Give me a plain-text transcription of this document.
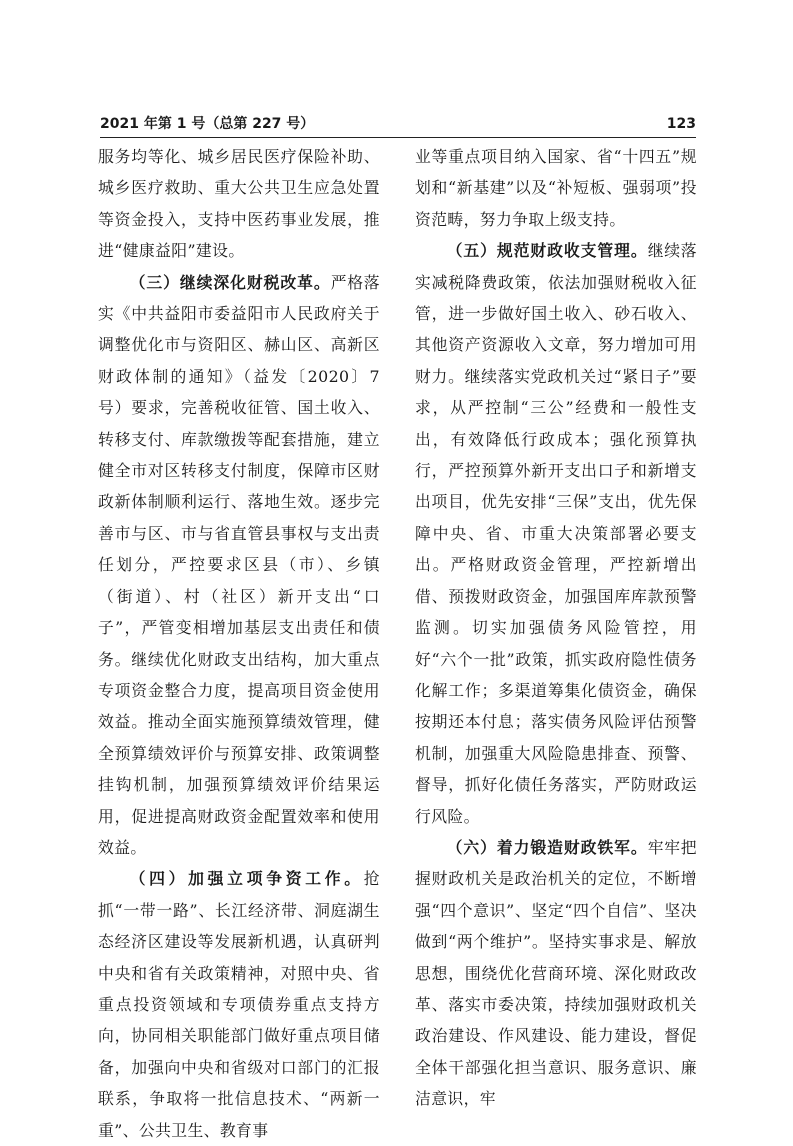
2021 年第 1 号（总第 227 号）	123

服务均等化、城乡居民医疗保险补助、城乡医疗救助、重大公共卫生应急处置等资金投入，支持中医药事业发展，推进“健康益阳”建设。

（三）继续深化财税改革。严格落实《中共益阳市委益阳市人民政府关于调整优化市与资阳区、赫山区、高新区财政体制的通知》（益发〔2020〕7 号）要求，完善税收征管、国土收入、转移支付、库款缴拨等配套措施，建立健全市对区转移支付制度，保障市区财政新体制顺利运行、落地生效。逐步完善市与区、市与省直管县事权与支出责任划分，严控要求区县（市）、乡镇（街道）、村（社区）新开支出“口子”，严管变相增加基层支出责任和债务。继续优化财政支出结构，加大重点专项资金整合力度，提高项目资金使用效益。推动全面实施预算绩效管理，健全预算绩效评价与预算安排、政策调整挂钩机制，加强预算绩效评价结果运用，促进提高财政资金配置效率和使用效益。

（四）加强立项争资工作。抢抓“一带一路”、长江经济带、洞庭湖生态经济区建设等发展新机遇，认真研判中央和省有关政策精神，对照中央、省重点投资领域和专项债券重点支持方向，协同相关职能部门做好重点项目储备，加强向中央和省级对口部门的汇报联系，争取将一批信息技术、“两新一重”、公共卫生、教育事

业等重点项目纳入国家、省“十四五”规划和“新基建”以及“补短板、强弱项”投资范畴，努力争取上级支持。

（五）规范财政收支管理。继续落实减税降费政策，依法加强财税收入征管，进一步做好国土收入、砂石收入、其他资产资源收入文章，努力增加可用财力。继续落实党政机关过“紧日子”要求，从严控制“三公”经费和一般性支出，有效降低行政成本；强化预算执行，严控预算外新开支出口子和新增支出项目，优先安排“三保”支出，优先保障中央、省、市重大决策部署必要支出。严格财政资金管理，严控新增出借、预拨财政资金，加强国库库款预警监测。切实加强债务风险管控，用好“六个一批”政策，抓实政府隐性债务化解工作；多渠道筹集化债资金，确保按期还本付息；落实债务风险评估预警机制，加强重大风险隐患排查、预警、督导，抓好化债任务落实，严防财政运行风险。

（六）着力锻造财政铁军。牢牢把握财政机关是政治机关的定位，不断增强“四个意识”、坚定“四个自信”、坚决做到“两个维护”。坚持实事求是、解放思想，围绕优化营商环境、深化财政改革、落实市委决策，持续加强财政机关政治建设、作风建设、能力建设，督促全体干部强化担当意识、服务意识、廉洁意识，牢
